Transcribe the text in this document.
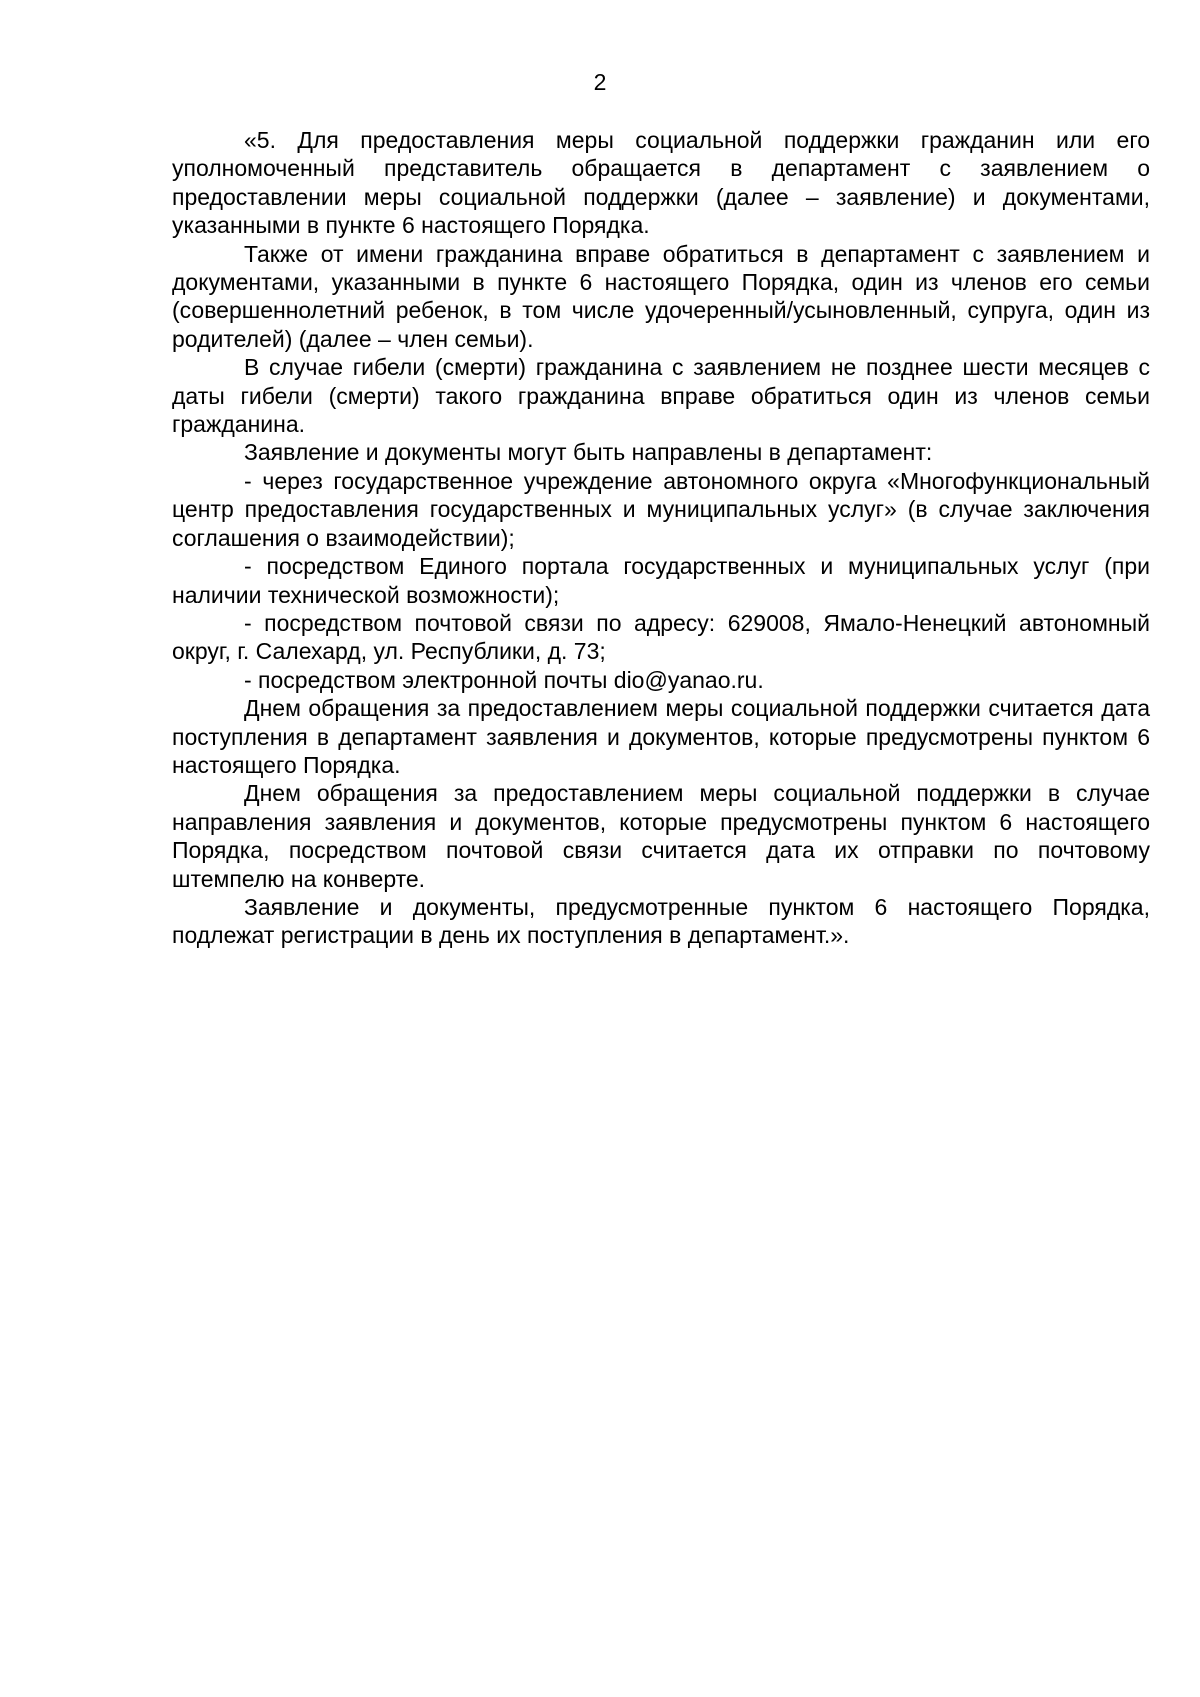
2

«5. Для предоставления меры социальной поддержки гражданин или его уполномоченный представитель обращается в департамент с заявлением о предоставлении меры социальной поддержки (далее – заявление) и документами, указанными в пункте 6 настоящего Порядка.

Также от имени гражданина вправе обратиться в департамент с заявлением и документами, указанными в пункте 6 настоящего Порядка, один из членов его семьи (совершеннолетний ребенок, в том числе удочеренный/усыновленный, супруга, один из родителей) (далее – член семьи).

В случае гибели (смерти) гражданина с заявлением не позднее шести месяцев с даты гибели (смерти) такого гражданина вправе обратиться один из членов семьи гражданина.

Заявление и документы могут быть направлены в департамент:

- через государственное учреждение автономного округа «Многофункциональный центр предоставления государственных и муниципальных услуг» (в случае заключения соглашения о взаимодействии);

- посредством Единого портала государственных и муниципальных услуг (при наличии технической возможности);

- посредством почтовой связи по адресу: 629008, Ямало-Ненецкий автономный округ, г. Салехард, ул. Республики, д. 73;

- посредством электронной почты dio@yanao.ru.

Днем обращения за предоставлением меры социальной поддержки считается дата поступления в департамент заявления и документов, которые предусмотрены пунктом 6 настоящего Порядка.

Днем обращения за предоставлением меры социальной поддержки в случае направления заявления и документов, которые предусмотрены пунктом 6 настоящего Порядка, посредством почтовой связи считается дата их отправки по почтовому штемпелю на конверте.

Заявление и документы, предусмотренные пунктом 6 настоящего Порядка, подлежат регистрации в день их поступления в департамент.».
